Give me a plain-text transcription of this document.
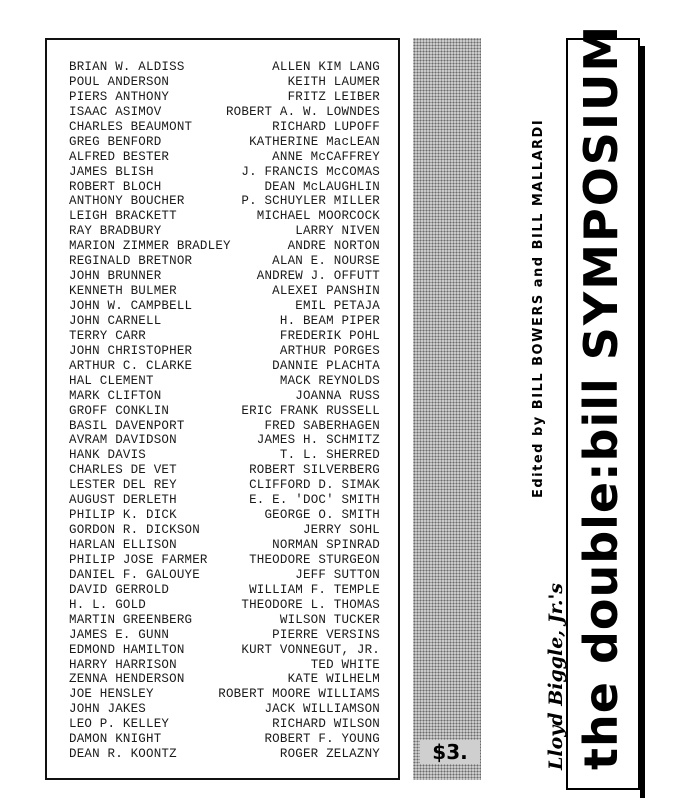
BRIAN W. ALDISS
POUL ANDERSON
PIERS ANTHONY
ISAAC ASIMOV
CHARLES BEAUMONT
GREG BENFORD
ALFRED BESTER
JAMES BLISH
ROBERT BLOCH
ANTHONY BOUCHER
LEIGH BRACKETT
RAY BRADBURY
MARION ZIMMER BRADLEY
REGINALD BRETNOR
JOHN BRUNNER
KENNETH BULMER
JOHN W. CAMPBELL
JOHN CARNELL
TERRY CARR
JOHN CHRISTOPHER
ARTHUR C. CLARKE
HAL CLEMENT
MARK CLIFTON
GROFF CONKLIN
BASIL DAVENPORT
AVRAM DAVIDSON
HANK DAVIS
CHARLES DE VET
LESTER DEL REY
AUGUST DERLETH
PHILIP K. DICK
GORDON R. DICKSON
HARLAN ELLISON
PHILIP JOSE FARMER
DANIEL F. GALOUYE
DAVID GERROLD
H. L. GOLD
MARTIN GREENBERG
JAMES E. GUNN
EDMOND HAMILTON
HARRY HARRISON
ZENNA HENDERSON
JOE HENSLEY
JOHN JAKES
LEO P. KELLEY
DAMON KNIGHT
DEAN R. KOONTZ
ALLEN KIM LANG
KEITH LAUMER
FRITZ LEIBER
ROBERT A. W. LOWNDES
RICHARD LUPOFF
KATHERINE MacLEAN
ANNE McCAFFREY
J. FRANCIS McCOMAS
DEAN McLAUGHLIN
P. SCHUYLER MILLER
MICHAEL MOORCOCK
LARRY NIVEN
ANDRE NORTON
ALAN E. NOURSE
ANDREW J. OFFUTT
ALEXEI PANSHIN
EMIL PETAJA
H. BEAM PIPER
FREDERIK POHL
ARTHUR PORGES
DANNIE PLACHTA
MACK REYNOLDS
JOANNA RUSS
ERIC FRANK RUSSELL
FRED SABERHAGEN
JAMES H. SCHMITZ
T. L. SHERRED
ROBERT SILVERBERG
CLIFFORD D. SIMAK
E. E. 'DOC' SMITH
GEORGE O. SMITH
JERRY SOHL
NORMAN SPINRAD
THEODORE STURGEON
JEFF SUTTON
WILLIAM F. TEMPLE
THEODORE L. THOMAS
WILSON TUCKER
PIERRE VERSINS
KURT VONNEGUT, JR.
TED WHITE
KATE WILHELM
ROBERT MOORE WILLIAMS
JACK WILLIAMSON
RICHARD WILSON
ROBERT F. YOUNG
ROGER ZELAZNY	$3.
Edited by BILL BOWERS and BILL MALLARDI
Lloyd Biggle, Jr.'s the double:bill SYMPOSIUM
